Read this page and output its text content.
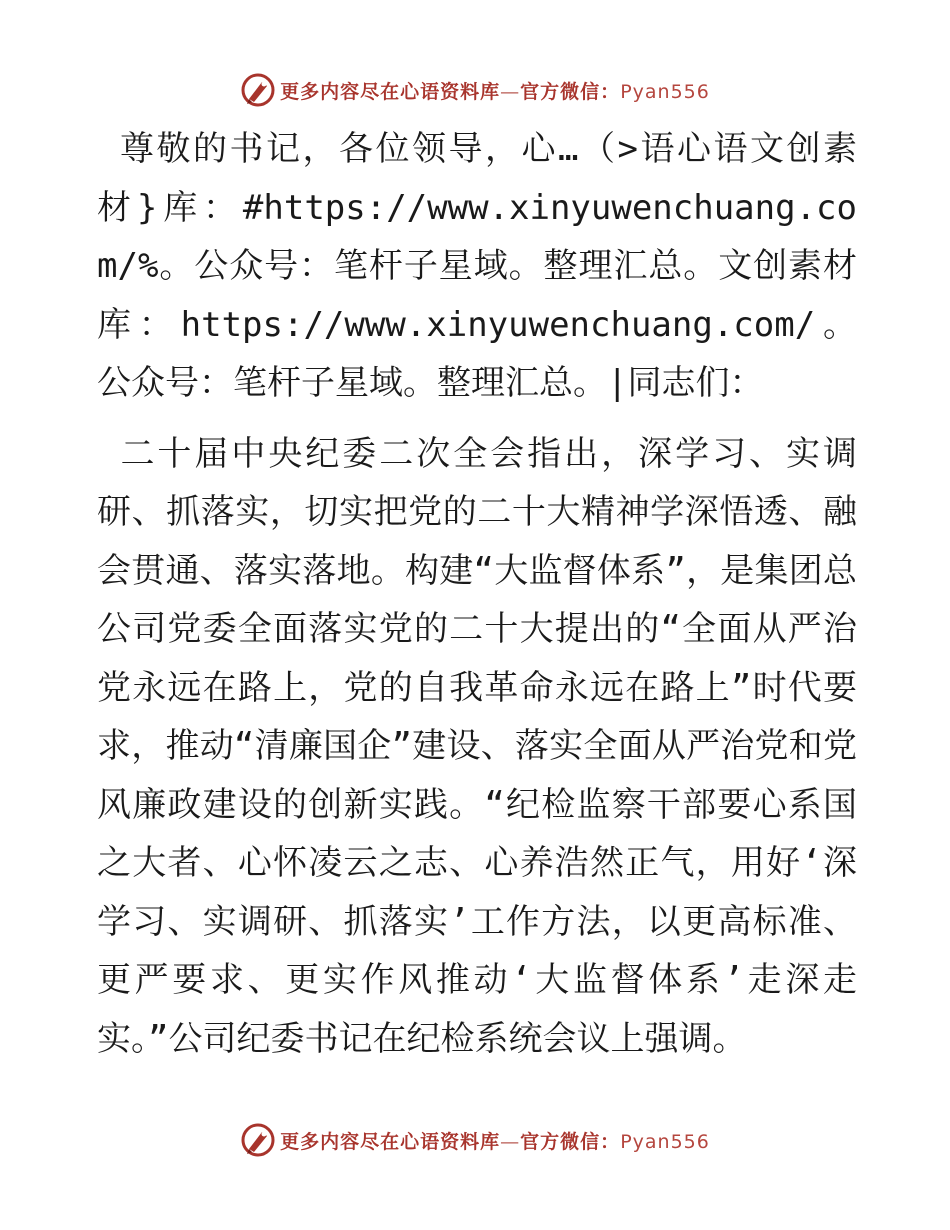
更多内容尽在心语资料库—官方微信：Pyan556

尊敬的书记，各位领导，心…（>语心语文创素材}库：#https://www.xinyuwenchuang.com/%。公众号：笔杆子星域。整理汇总。文创素材库：https://www.xinyuwenchuang.com/。公众号：笔杆子星域。整理汇总。|同志们：

二十届中央纪委二次全会指出，深学习、实调研、抓落实，切实把党的二十大精神学深悟透、融会贯通、落实落地。构建“大监督体系”，是集团总公司党委全面落实党的二十大提出的“全面从严治党永远在路上，党的自我革命永远在路上”时代要求，推动“清廉国企”建设、落实全面从严治党和党风廉政建设的创新实践。“纪检监察干部要心系国之大者、心怀凌云之志、心养浩然正气，用好‘深学习、实调研、抓落实’工作方法，以更高标准、更严要求、更实作风推动‘大监督体系’走深走实。”公司纪委书记在纪检系统会议上强调。

更多内容尽在心语资料库—官方微信：Pyan556
